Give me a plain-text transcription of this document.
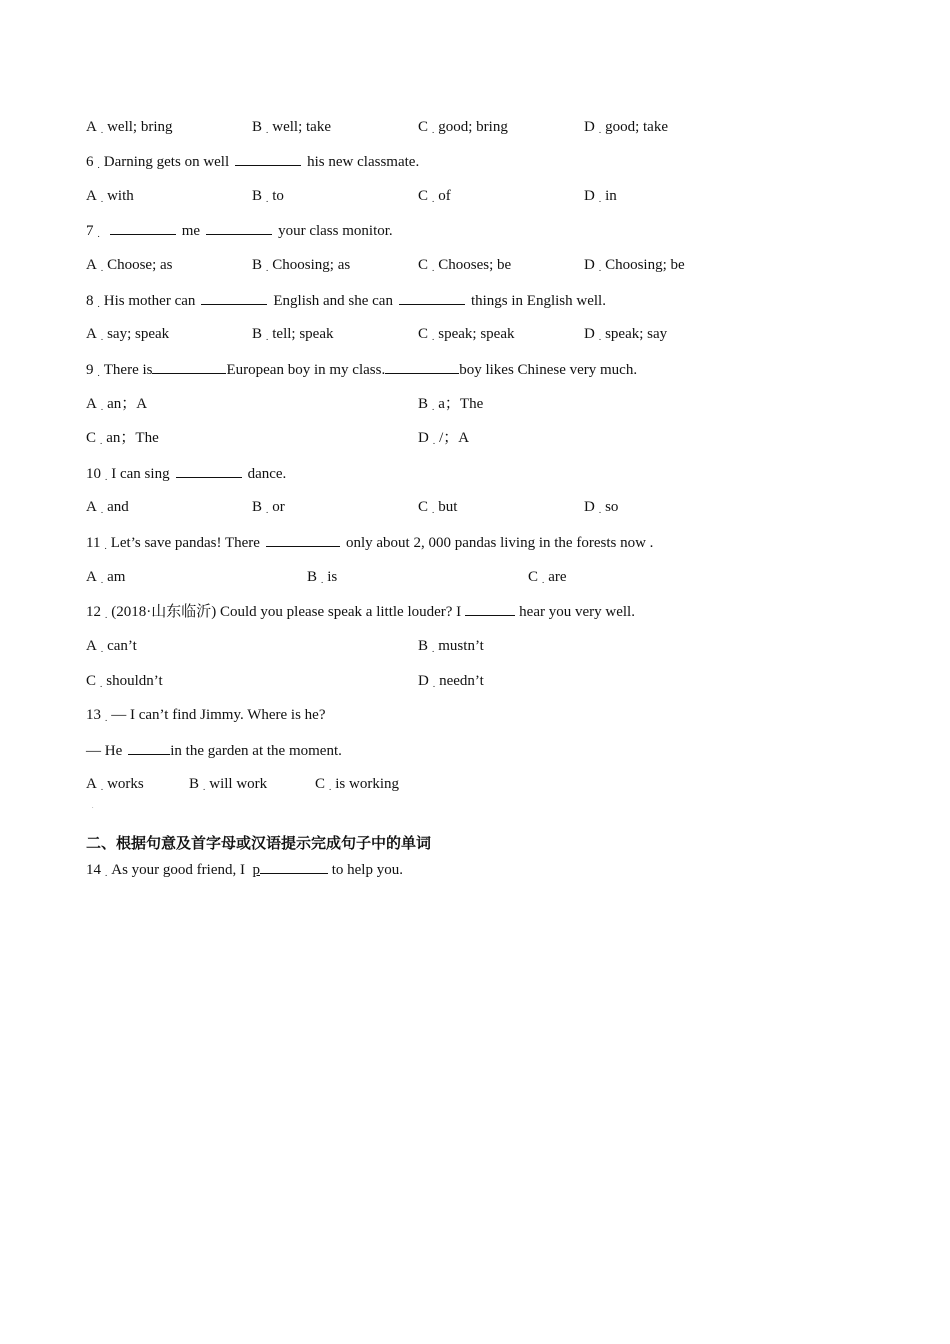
A . well; bring	B . well; take	C . good; bring	D . good; take
6 . Darning gets on well	his new classmate.
A . with	B . to	C . of	D . in
7 .	me	your class monitor.
A . Choose; as	B . Choosing; as	C . Chooses; be	D . Choosing; be
8 . His mother can	English and she can	things in English well.
A . say; speak	B . tell; speak	C . speak; speak	D . speak; say
9 . There is	European boy in my class.	boy likes Chinese very much.
A . an；A	B . a；The
C . an；The	D . /；A
10 . I can sing	dance.
A . and	B . or	C . but	D . so
11 . Let’s save pandas! There	only about 2, 000 pandas living in the forests now .
A . am	B . is	C . are
12 . (2018·山东临沂) Could you please speak a little louder? I	hear you very well.
A . can’t	B . mustn’t
C . shouldn’t	D . needn’t
13 . — I can’t find Jimmy. Where is he?
— He	in the garden at the moment.
A . works	B . will work	C . is working
.
二、根据句意及首字母或汉语提示完成句子中的单词
14 . As your good friend, I p	to help you.
